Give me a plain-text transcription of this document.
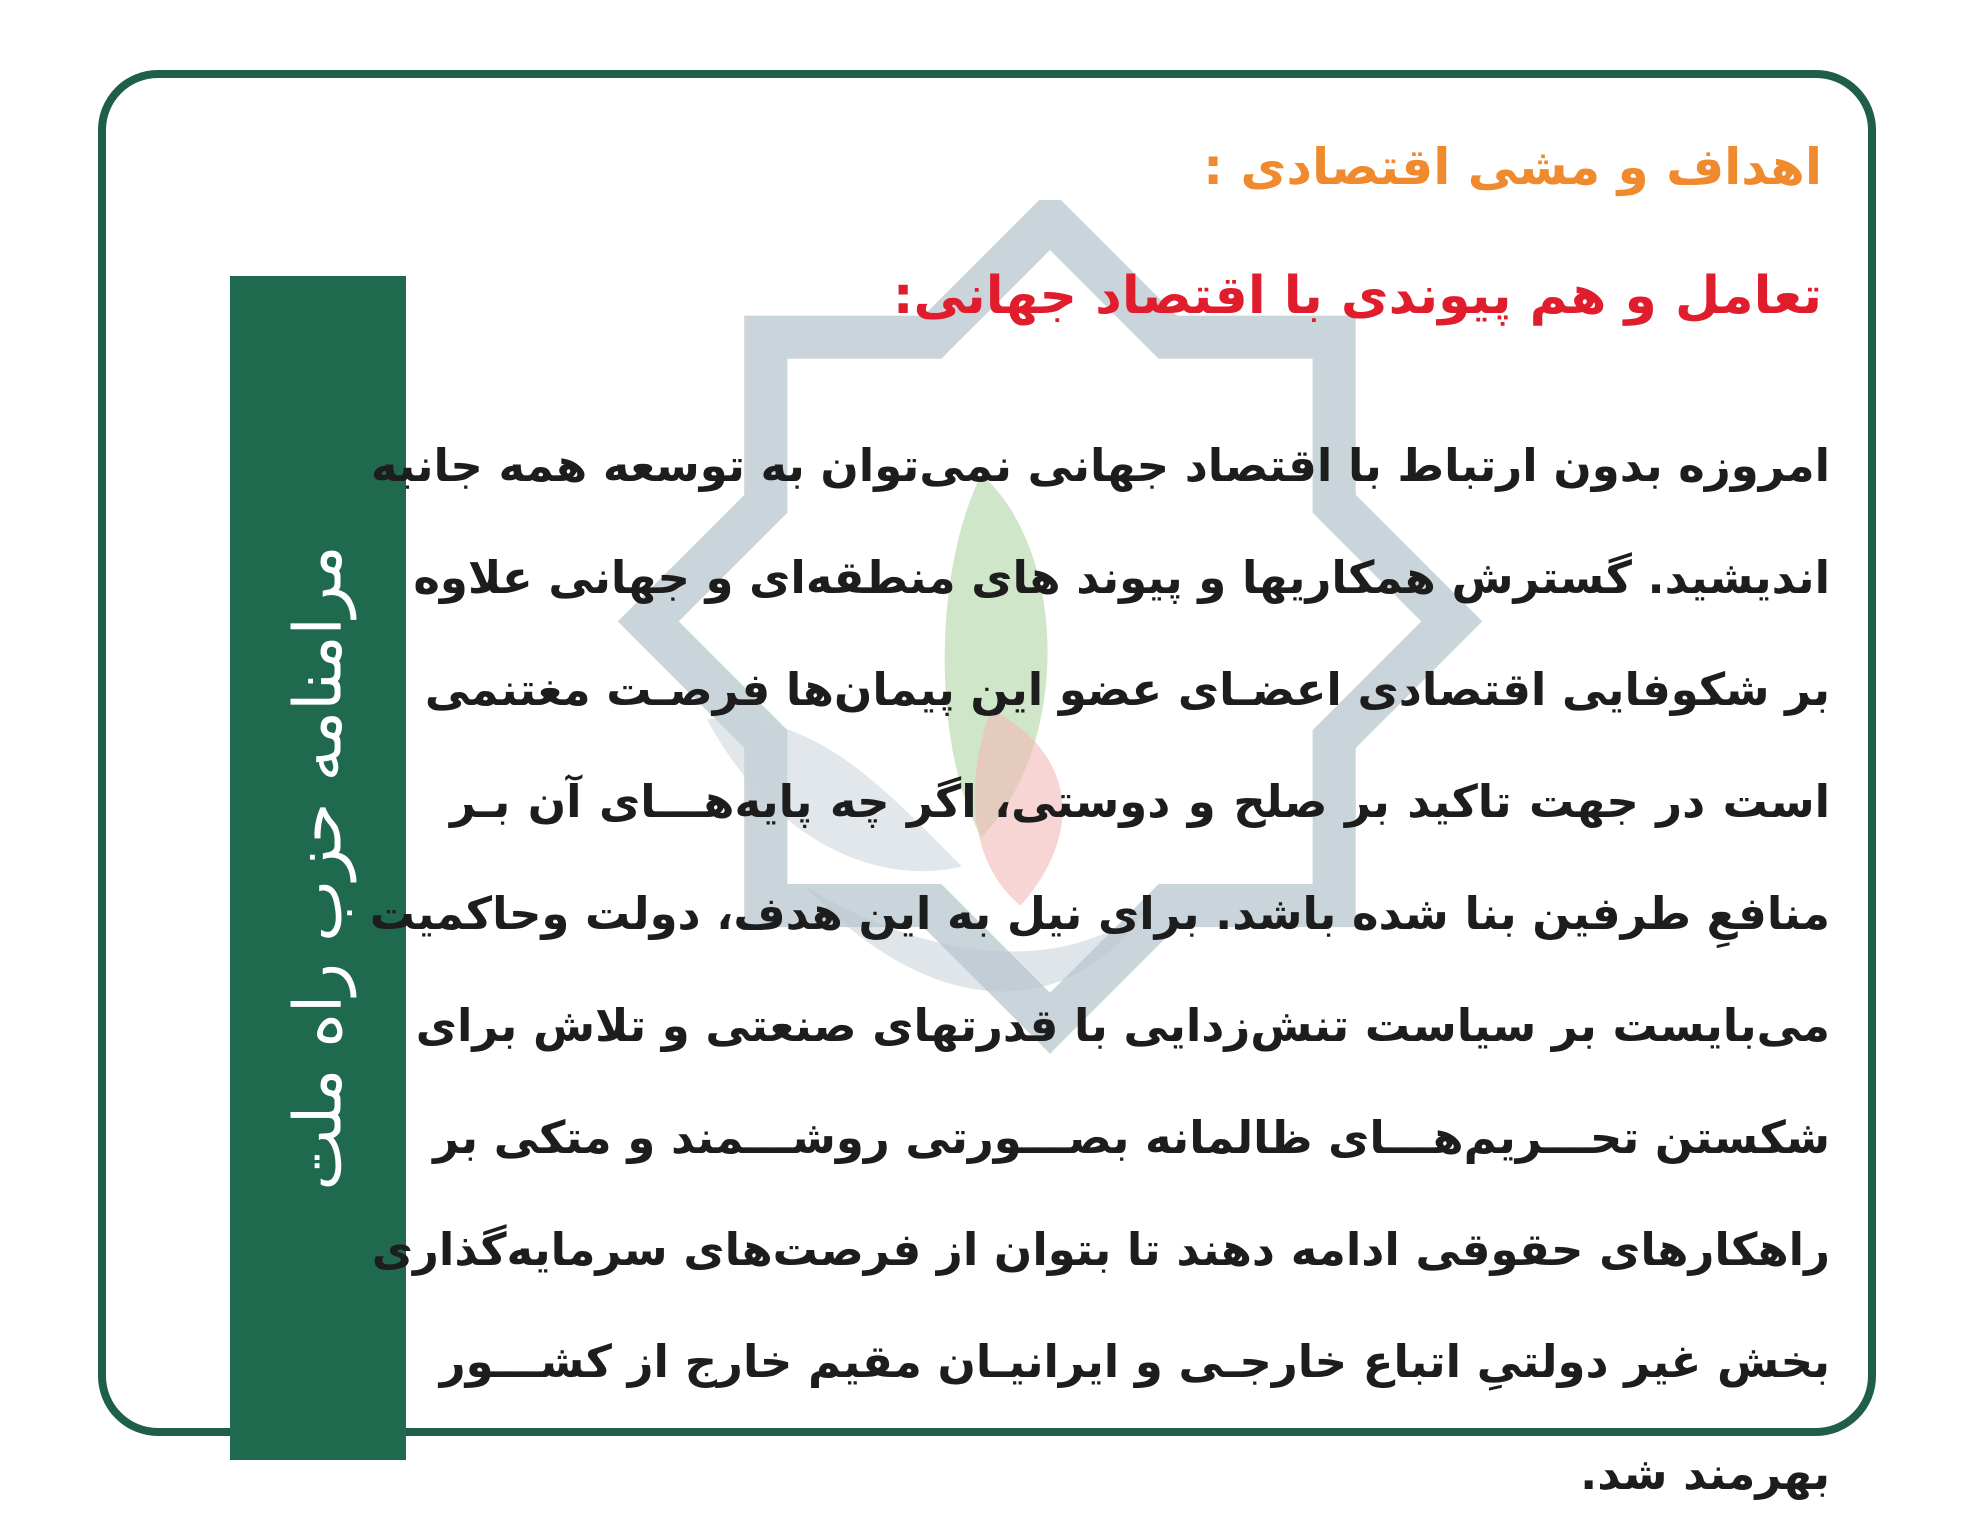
مرامنامه حزب راه ملت
اهداف و مشی اقتصادی :
تعامل و هم پیوندی با اقتصاد جهانی:
امروزه بدون ارتباط با اقتصاد جهانی نمی‌توان به توسعه همه جانبه
اندیشید. گسترش همکاریها و پیوند های منطقه‌ای و جهانی علاوه
بر شکوفایی اقتصادی اعضـای عضو این پیمان‌ها فرصـت مغتنمی
است در جهت تاکید بر صلح و دوستی، اگر چه پایه‌هـــای آن بـر
منافعِ طرفین بنا شده باشد. برای نیل به این هدف، دولت وحاکمیت
می‌بایست بر سیاست تنش‌زدایی با قدرتهای صنعتی و تلاش برای
شکستن تحـــریم‌هـــای ظالمانه بصـــورتی روشـــمند و متکی بر
راهکارهای حقوقی ادامه دهند تا بتوان از فرصت‌های سرمایه‌گذاری
بخش غیر دولتیِ اتباع خارجـی و ایرانیـان مقیم خارج از کشـــور
بهرمند شد.
